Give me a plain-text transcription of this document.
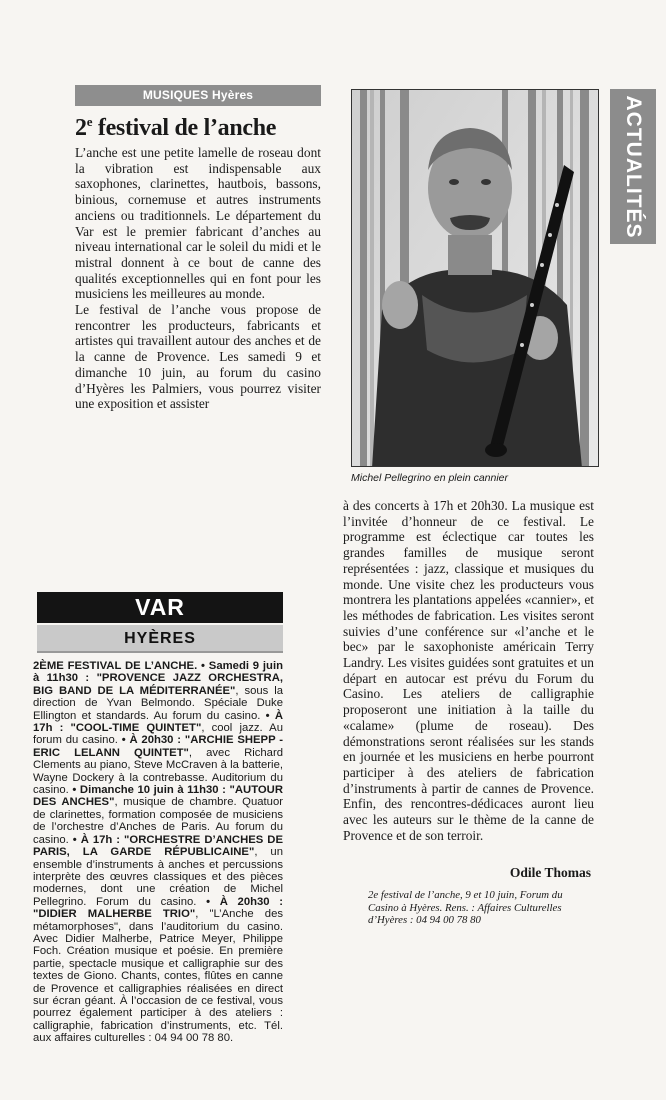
MUSIQUES Hyères
2e festival de l’anche

L’anche est une petite lamelle de roseau dont la vibration est indispensable aux saxophones, clarinettes, hautbois, bassons, binious, cornemuse et autres instruments anciens ou traditionnels. Le département du Var est le premier fabricant d’anches au niveau international car le soleil du midi et le mistral donnent à ce bout de canne des qualités exceptionnelles qui en font pour les musiciens les meilleures au monde.

Le festival de l’anche vous propose de rencontrer les producteurs, fabricants et artistes qui travaillent autour des anches et de la canne de Provence. Les samedi 9 et dimanche 10 juin, au forum du casino d’Hyères les Palmiers, vous pourrez visiter une exposition et assister

Michel Pellegrino en plein cannier
ACTUALITÉS

à des concerts à 17h et 20h30. La musique est l’invitée d’honneur de ce festival. Le programme est éclectique car toutes les grandes familles de musique seront représentées : jazz, classique et musiques du monde. Une visite chez les producteurs vous montrera les plantations appelées «cannier», et les méthodes de fabrication. Les visites seront suivies d’une conférence sur «l’anche et le bec» par le saxophoniste américain Terry Landry. Les visites guidées sont gratuites et un départ en autocar est prévu du Forum du Casino. Les ateliers de calligraphie proposeront une initiation à la taille du «calame» (plume de roseau). Des démonstrations seront réalisées sur les stands en journée et les musiciens en herbe pourront participer à des ateliers de fabrication d’instruments à partir de cannes de Provence. Enfin, des rencontres-dédicaces auront lieu avec les auteurs sur le thème de la canne de Provence et de son terroir.

Odile Thomas
2e festival de l’anche, 9 et 10 juin, Forum du Casino à Hyères. Rens. : Affaires Culturelles d’Hyères : 04 94 00 78 80
VAR
HYÈRES
2ÈME FESTIVAL DE L’ANCHE. • Samedi 9 juin à 11h30 : "PROVENCE JAZZ ORCHESTRA, BIG BAND DE LA MÉDITERRANÉE", sous la direction de Yvan Belmondo. Spéciale Duke Ellington et standards. Au forum du casino. • À 17h : "COOL-TIME QUINTET", cool jazz. Au forum du casino. • À 20h30 : "ARCHIE SHEPP - ERIC LELANN QUINTET", avec Richard Clements au piano, Steve McCraven à la batterie, Wayne Dockery à la contrebasse. Auditorium du casino. • Dimanche 10 juin à 11h30 : "AUTOUR DES ANCHES", musique de chambre. Quatuor de clarinettes, formation composée de musiciens de l’orchestre d’Anches de Paris. Au forum du casino. • À 17h : "ORCHESTRE D’ANCHES DE PARIS, LA GARDE RÉPUBLICAINE", un ensemble d’instruments à anches et percussions interprète des œuvres classiques et des pièces modernes, dont une création de Michel Pellegrino. Forum du casino. • À 20h30 : "DIDIER MALHERBE TRIO", "L’Anche des métamorphoses", dans l’auditorium du casino. Avec Didier Malherbe, Patrice Meyer, Philippe Foch. Création musique et poésie. En première partie, spectacle musique et calligraphie sur des textes de Giono. Chants, contes, flûtes en canne de Provence et calligraphies réalisées en direct sur écran géant. À l’occasion de ce festival, vous pourrez également participer à des ateliers : calligraphie, fabrication d’instruments, etc. Tél. aux affaires culturelles : 04 94 00 78 80.
